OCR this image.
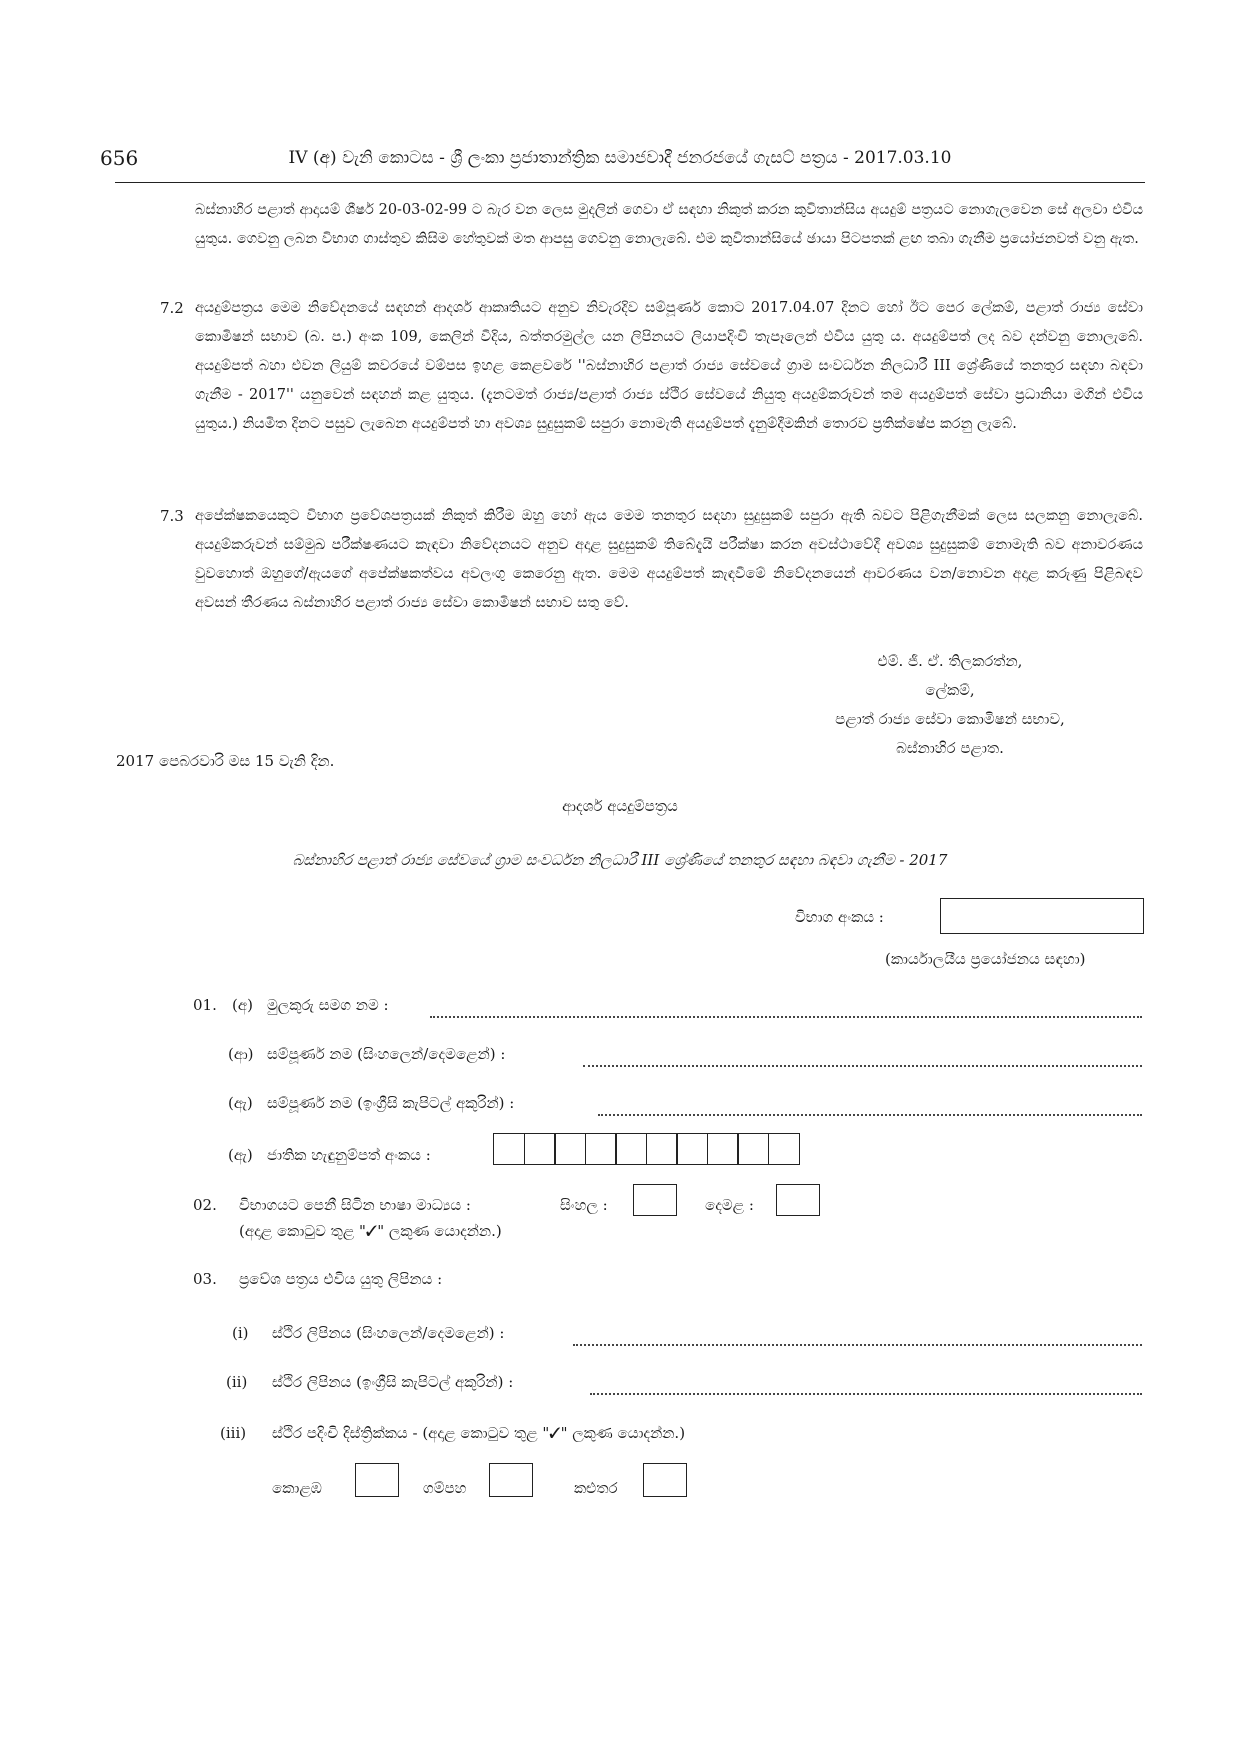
656	IV (අ) වැනි කොටස - ශ්‍රී ලංකා ප්‍රජාතාන්ත්‍රික සමාජවාදී ජනරජයේ ගැසට් පත්‍රය - 2017.03.10
බස්නාහිර පළාත් ආදායම් ශීර්ෂ 20-03-02-99 ට බැර වන ලෙස මුදලින් ගෙවා ඒ සඳහා නිකුත් කරන කුවිතාන්සිය අයදුම් පත්‍රයට නොගැලවෙන සේ අලවා එවිය යුතුය. ගෙවනු ලබන විභාග ගාස්තුව කිසිම හේතුවක් මත ආපසු ගෙවනු නොලැබේ. එම කුවිතාන්සියේ ඡායා පිටපතක් ළඟ තබා ගැනීම ප්‍රයෝජනවත් වනු ඇත.
7.2 අයදුම්පත්‍රය මෙම නිවේදනයේ සඳහන් ආදර්ශ ආකෘතියට අනුව නිවැරදිව සම්පූර්ණ කොට 2017.04.07 දිනට හෝ ඊට පෙර ලේකම්, පළාත් රාජ්‍ය සේවා කොමිෂන් සභාව (බ. ප.) අංක 109, කෙලින් වීදිය, බත්තරමුල්ල යන ලිපිනයට ලියාපදිංචි තැපෑලෙන් එවිය යුතු ය. අයදුම්පත් ලද බව දන්වනු නොලැබේ. අයදුම්පත් බහා එවන ලියුම් කවරයේ වම්පස ඉහළ කෙළවරේ ''බස්නාහිර පළාත් රාජ්‍ය සේවයේ ග්‍රාම සංවර්ධන නිලධාරී III ශ්‍රේණියේ තනතුර සඳහා බඳවා ගැනීම - 2017'' යනුවෙන් සඳහන් කළ යුතුය. (දැනටමත් රාජ්‍ය/පළාත් රාජ්‍ය ස්ථිර සේවයේ නියුතු අයදුම්කරුවන් තම අයදුම්පත් සේවා ප්‍රධානියා මගින් එවිය යුතුය.) නියමිත දිනට පසුව ලැබෙන අයදුම්පත් හා අවශ්‍ය සුදුසුකම් සපුරා නොමැති අයදුම්පත් දැනුම්දීමකින් තොරව ප්‍රතික්ෂේප කරනු ලැබේ.
7.3 අපේක්ෂකයෙකුට විභාග ප්‍රවේශපත්‍රයක් නිකුත් කිරීම ඔහු හෝ ඇය මෙම තනතුර සඳහා සුදුසුකම් සපුරා ඇති බවට පිළිගැනීමක් ලෙස සලකනු නොලැබේ. අයදුම්කරුවන් සම්මුඛ පරීක්ෂණයට කැඳවා නිවේදනයට අනුව අදාළ සුදුසුකම් තිබේදැයි පරීක්ෂා කරන අවස්ථාවේදී අවශ්‍ය සුදුසුකම් නොමැති බව අනාවරණය වුවහොත් ඔහුගේ/ඇයගේ අපේක්ෂකත්වය අවලංගු කෙරෙනු ඇත. මෙම අයදුම්පත් කැඳවීමේ නිවේදනයෙන් ආවරණය වන/නොවන අදාළ කරුණු පිළිබඳව අවසන් තීරණය බස්නාහිර පළාත් රාජ්‍ය සේවා කොමිෂන් සභාව සතු වේ.
එම්. ජී. ඒ. තිලකරත්න,
ලේකම්,
පළාත් රාජ්‍ය සේවා කොමිෂන් සභාව,
බස්නාහිර පළාත.
2017 පෙබරවාරි මස 15 වැනි දින.
ආදර්ශ අයදුම්පත්‍රය
බස්නාහිර පළාත් රාජ්‍ය සේවයේ ග්‍රාම සංවර්ධන නිලධාරී III ශ්‍රේණියේ තනතුර සඳහා බඳවා ගැනීම - 2017
විභාග අංකය :
(කාර්යාලයීය ප්‍රයෝජනය සඳහා)
01. (අ) මුලකුරු සමග නම :
(ආ) සම්පූර්ණ නම (සිංහලෙන්/දෙමළෙන්) :
(ඇ) සම්පූර්ණ නම (ඉංග්‍රීසි කැපිටල් අකුරින්) :
(ඇ) ජාතික හැඳුනුම්පත් අංකය :
02. විභාගයට පෙනී සිටින භාෂා මාධ්‍යය :	සිංහල :	දෙමළ :
(අදාළ කොටුව තුළ "✓" ලකුණ යොදන්න.)
03. ප්‍රවේශ පත්‍රය එවිය යුතු ලිපිනය :
(i) ස්ථිර ලිපිනය (සිංහලෙන්/දෙමළෙන්) :
(ii) ස්ථිර ලිපිනය (ඉංග්‍රීසි කැපිටල් අකුරින්) :
(iii) ස්ථිර පදිංචි දිස්ත්‍රික්කය - (අදාළ කොටුව තුළ "✓" ලකුණ යොදන්න.)
කොළඹ	ගම්පහ	කළුතර
